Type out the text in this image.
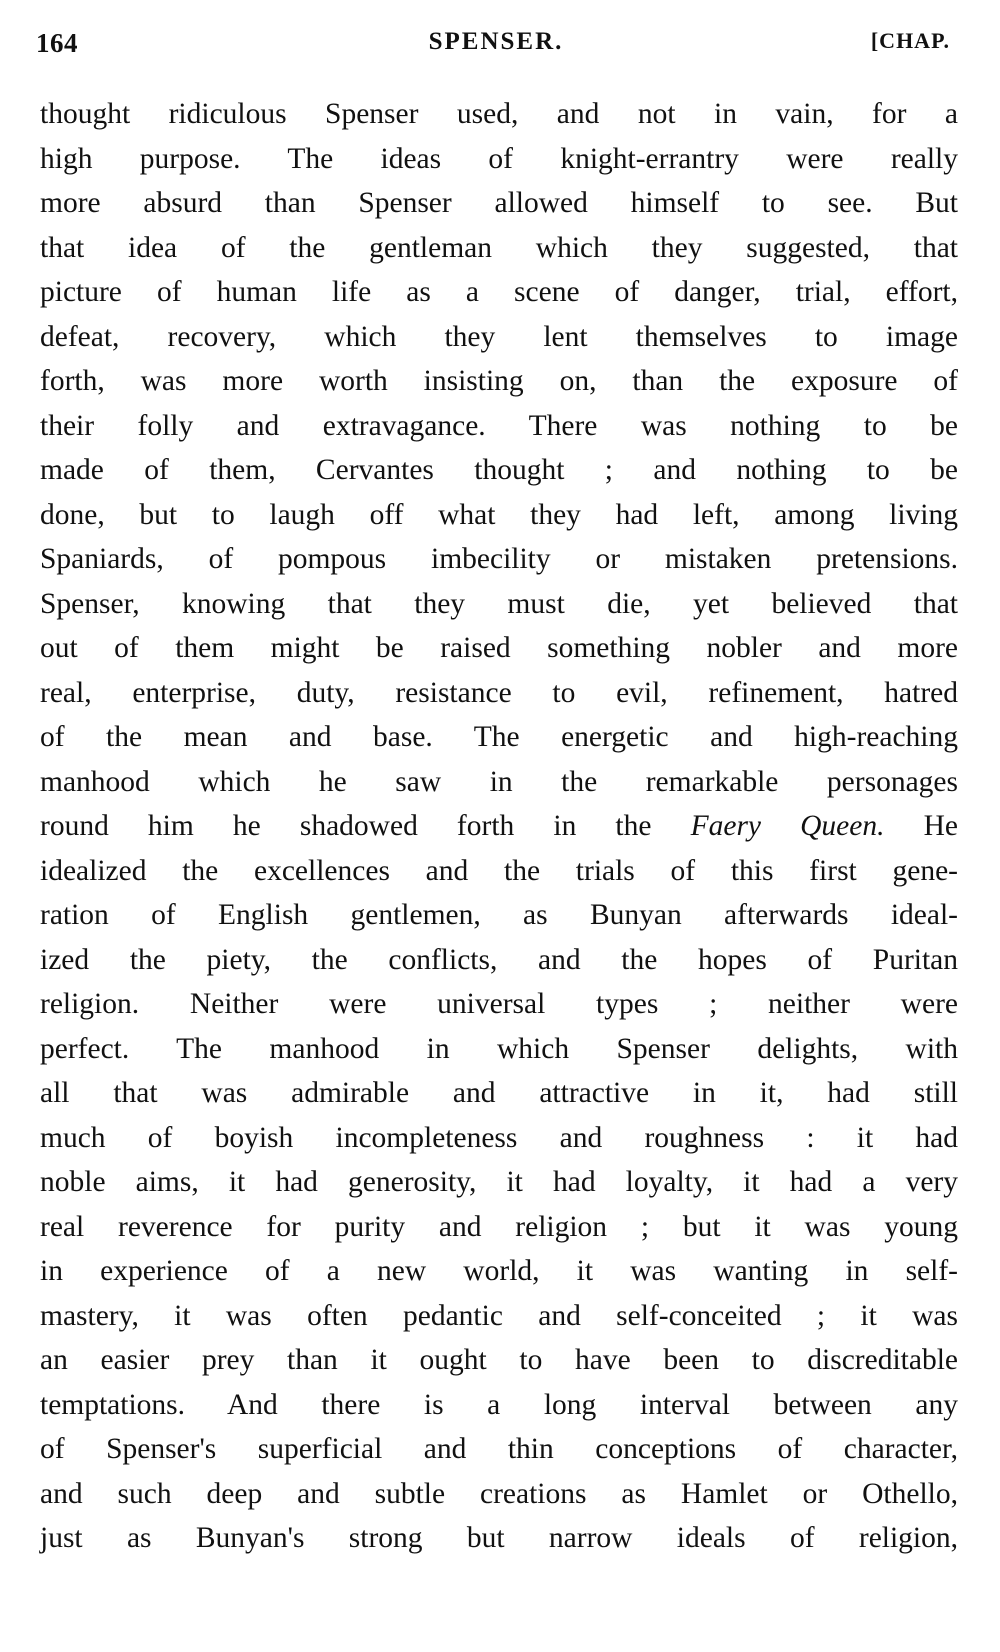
164	SPENSER.	[CHAP.
thought ridiculous Spenser used, and not in vain, for a
high purpose. The ideas of knight-errantry were really
more absurd than Spenser allowed himself to see. But
that idea of the gentleman which they suggested, that
picture of human life as a scene of danger, trial, effort,
defeat, recovery, which they lent themselves to image
forth, was more worth insisting on, than the exposure of
their folly and extravagance. There was nothing to be
made of them, Cervantes thought ; and nothing to be
done, but to laugh off what they had left, among living
Spaniards, of pompous imbecility or mistaken pretensions.
Spenser, knowing that they must die, yet believed that
out of them might be raised something nobler and more
real, enterprise, duty, resistance to evil, refinement, hatred
of the mean and base. The energetic and high-reaching
manhood which he saw in the remarkable personages
round him he shadowed forth in the Faery Queen. He
idealized the excellences and the trials of this first gene-
ration of English gentlemen, as Bunyan afterwards ideal-
ized the piety, the conflicts, and the hopes of Puritan
religion. Neither were universal types ; neither were
perfect. The manhood in which Spenser delights, with
all that was admirable and attractive in it, had still
much of boyish incompleteness and roughness : it had
noble aims, it had generosity, it had loyalty, it had a very
real reverence for purity and religion ; but it was young
in experience of a new world, it was wanting in self-
mastery, it was often pedantic and self-conceited ; it was
an easier prey than it ought to have been to discreditable
temptations. And there is a long interval between any
of Spenser's superficial and thin conceptions of character,
and such deep and subtle creations as Hamlet or Othello,
just as Bunyan's strong but narrow ideals of religion,
